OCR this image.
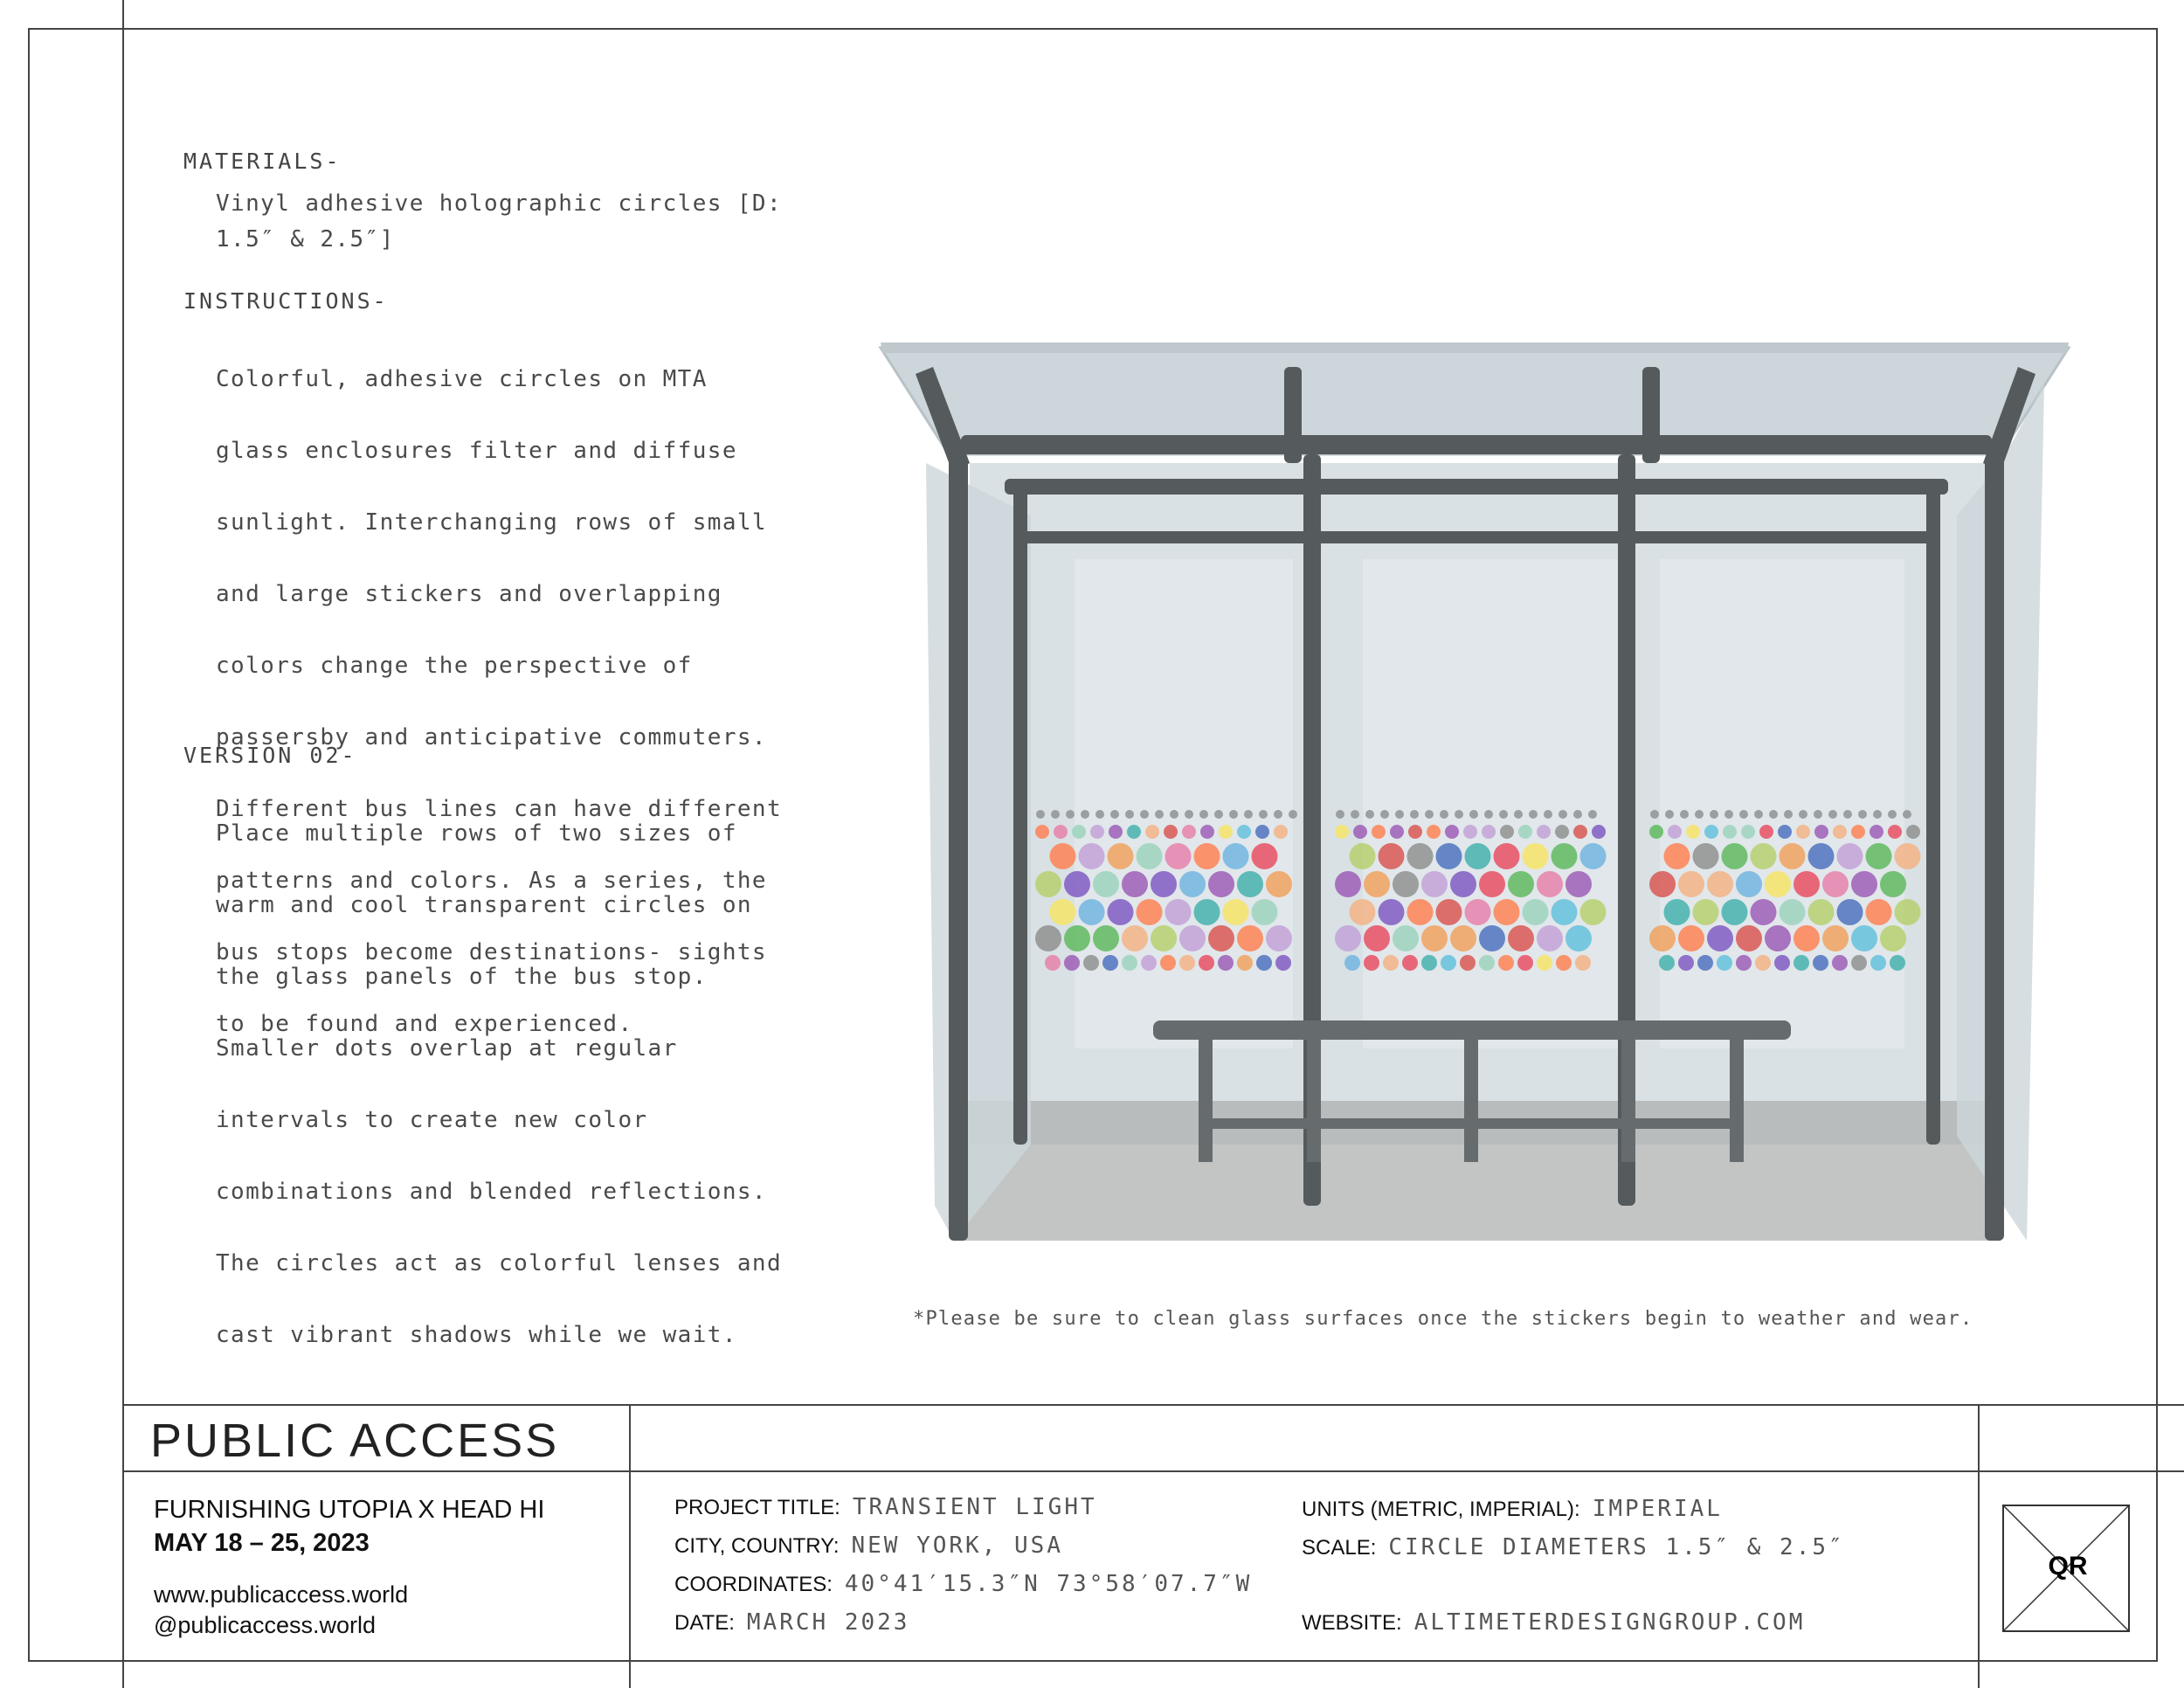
MATERIALS-
Vinyl adhesive holographic circles [D: 1.5″ & 2.5″]
INSTRUCTIONS-

Colorful, adhesive circles on MTA

glass enclosures filter and diffuse

sunlight. Interchanging rows of small

and large stickers and overlapping

colors change the perspective of

passersby and anticipative commuters.

Different bus lines can have different

patterns and colors. As a series, the

bus stops become destinations- sights

to be found and experienced.

VERSION 02-

Place multiple rows of two sizes of

warm and cool transparent circles on

the glass panels of the bus stop.

Smaller dots overlap at regular

intervals to create new color

combinations and blended reflections.

The circles act as colorful lenses and

cast vibrant shadows while we wait.

*Please be sure to clean glass surfaces once the stickers begin to weather and wear.
PUBLIC ACCESS
FURNISHING UTOPIA X HEAD HI
MAY 18 – 25, 2023
www.publicaccess.world
@publicaccess.world
PROJECT TITLE: TRANSIENT LIGHT
CITY, COUNTRY: NEW YORK, USA
COORDINATES: 40°41′15.3″N 73°58′07.7″W
DATE: MARCH 2023
UNITS (METRIC, IMPERIAL): IMPERIAL
SCALE: CIRCLE DIAMETERS 1.5″ & 2.5″
WEBSITE: ALTIMETERDESIGNGROUP.COM
QR
